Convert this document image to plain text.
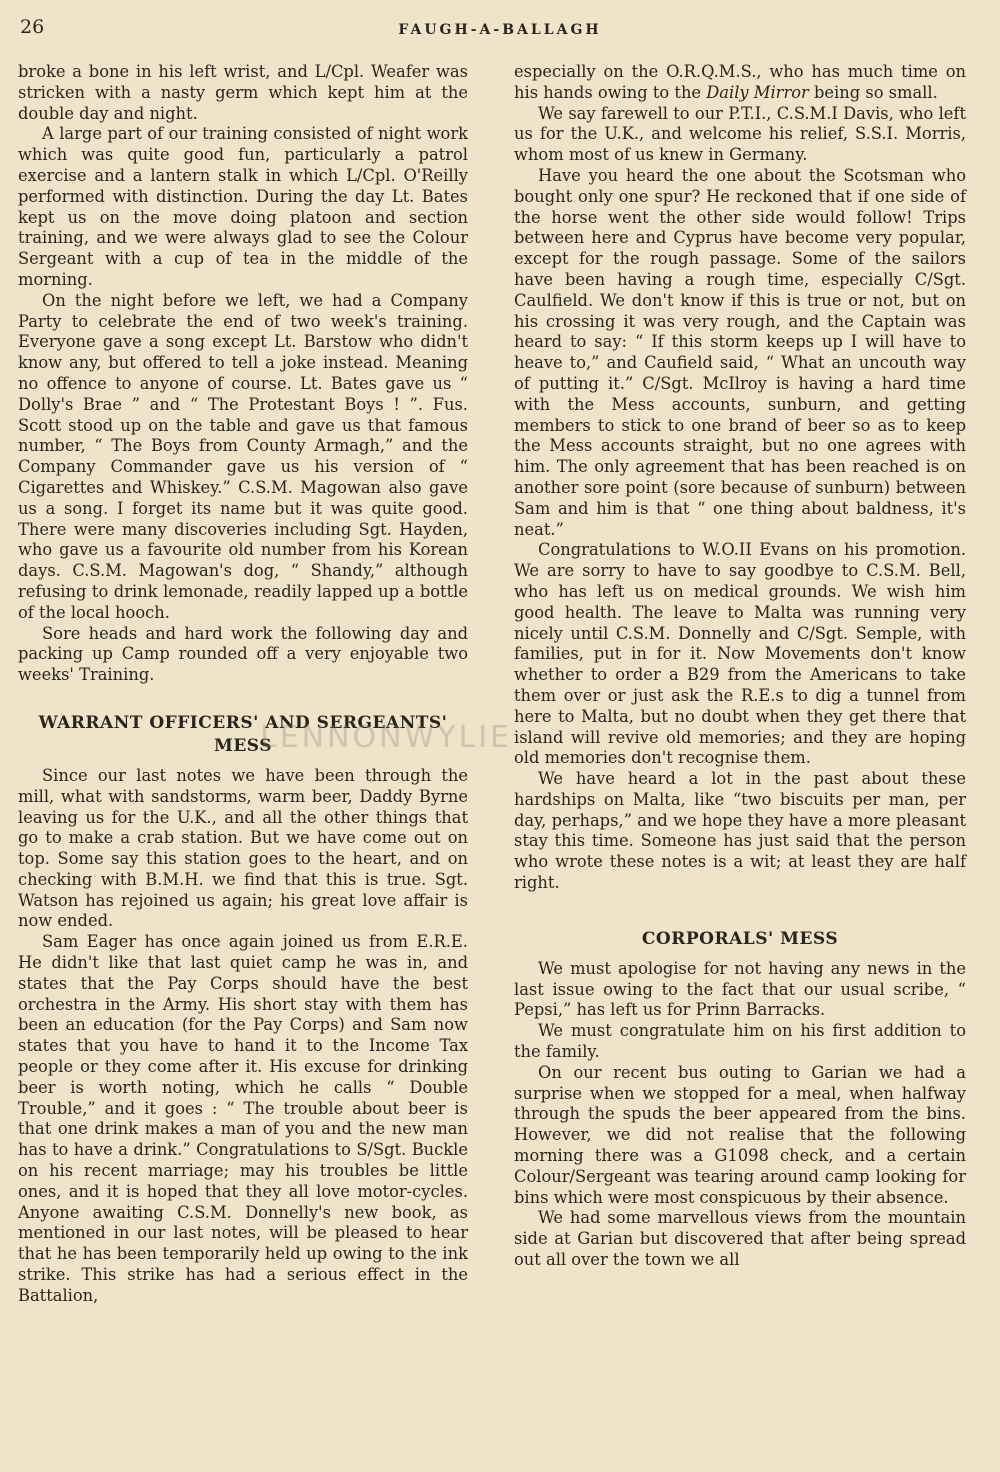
26	FAUGH-A-BALLAGH

broke a bone in his left wrist, and L/Cpl. Weafer was stricken with a nasty germ which kept him at the double day and night.

A large part of our training consisted of night work which was quite good fun, particularly a patrol exercise and a lantern stalk in which L/Cpl. O'Reilly performed with distinction. During the day Lt. Bates kept us on the move doing platoon and section training, and we were always glad to see the Colour Sergeant with a cup of tea in the middle of the morning.

On the night before we left, we had a Company Party to celebrate the end of two week's training. Everyone gave a song except Lt. Barstow who didn't know any, but offered to tell a joke instead. Meaning no offence to anyone of course. Lt. Bates gave us “ Dolly's Brae ” and “ The Protestant Boys ! ”. Fus. Scott stood up on the table and gave us that famous number, “ The Boys from County Armagh,” and the Company Commander gave us his version of “ Cigarettes and Whiskey.” C.S.M. Magowan also gave us a song. I forget its name but it was quite good. There were many discoveries including Sgt. Hayden, who gave us a favourite old number from his Korean days. C.S.M. Magowan's dog, “ Shandy,” although refusing to drink lemonade, readily lapped up a bottle of the local hooch.

Sore heads and hard work the following day and packing up Camp rounded off a very enjoyable two weeks' Training.

WARRANT OFFICERS' AND SERGEANTS' MESS

Since our last notes we have been through the mill, what with sandstorms, warm beer, Daddy Byrne leaving us for the U.K., and all the other things that go to make a crab station. But we have come out on top. Some say this station goes to the heart, and on checking with B.M.H. we find that this is true. Sgt. Watson has rejoined us again; his great love affair is now ended.

Sam Eager has once again joined us from E.R.E. He didn't like that last quiet camp he was in, and states that the Pay Corps should have the best orchestra in the Army. His short stay with them has been an education (for the Pay Corps) and Sam now states that you have to hand it to the Income Tax people or they come after it. His excuse for drinking beer is worth noting, which he calls “ Double Trouble,” and it goes : “ The trouble about beer is that one drink makes a man of you and the new man has to have a drink.” Congratulations to S/Sgt. Buckle on his recent marriage; may his troubles be little ones, and it is hoped that they all love motor-cycles. Anyone awaiting C.S.M. Donnelly's new book, as mentioned in our last notes, will be pleased to hear that he has been temporarily held up owing to the ink strike. This strike has had a serious effect in the Battalion,

especially on the O.R.Q.M.S., who has much time on his hands owing to the Daily Mirror being so small.

We say farewell to our P.T.I., C.S.M.I Davis, who left us for the U.K., and welcome his relief, S.S.I. Morris, whom most of us knew in Germany.

Have you heard the one about the Scotsman who bought only one spur? He reckoned that if one side of the horse went the other side would follow! Trips between here and Cyprus have become very popular, except for the rough passage. Some of the sailors have been having a rough time, especially C/Sgt. Caulfield. We don't know if this is true or not, but on his crossing it was very rough, and the Captain was heard to say: “ If this storm keeps up I will have to heave to,” and Caufield said, “ What an uncouth way of putting it.” C/Sgt. McIlroy is having a hard time with the Mess accounts, sunburn, and getting members to stick to one brand of beer so as to keep the Mess accounts straight, but no one agrees with him. The only agreement that has been reached is on another sore point (sore because of sunburn) between Sam and him is that “ one thing about baldness, it's neat.”

Congratulations to W.O.II Evans on his promotion. We are sorry to have to say goodbye to C.S.M. Bell, who has left us on medical grounds. We wish him good health. The leave to Malta was running very nicely until C.S.M. Donnelly and C/Sgt. Semple, with families, put in for it. Now Movements don't know whether to order a B29 from the Americans to take them over or just ask the R.E.s to dig a tunnel from here to Malta, but no doubt when they get there that island will revive old memories; and they are hoping old memories don't recognise them.

We have heard a lot in the past about these hardships on Malta, like “two biscuits per man, per day, perhaps,” and we hope they have a more pleasant stay this time. Someone has just said that the person who wrote these notes is a wit; at least they are half right.

CORPORALS' MESS

We must apologise for not having any news in the last issue owing to the fact that our usual scribe, “ Pepsi,” has left us for Prinn Barracks.

We must congratulate him on his first addition to the family.

On our recent bus outing to Garian we had a surprise when we stopped for a meal, when halfway through the spuds the beer appeared from the bins. However, we did not realise that the following morning there was a G1098 check, and a certain Colour/Sergeant was tearing around camp looking for bins which were most conspicuous by their absence.

We had some marvellous views from the mountain side at Garian but discovered that after being spread out all over the town we all

LENNONWYLIE
